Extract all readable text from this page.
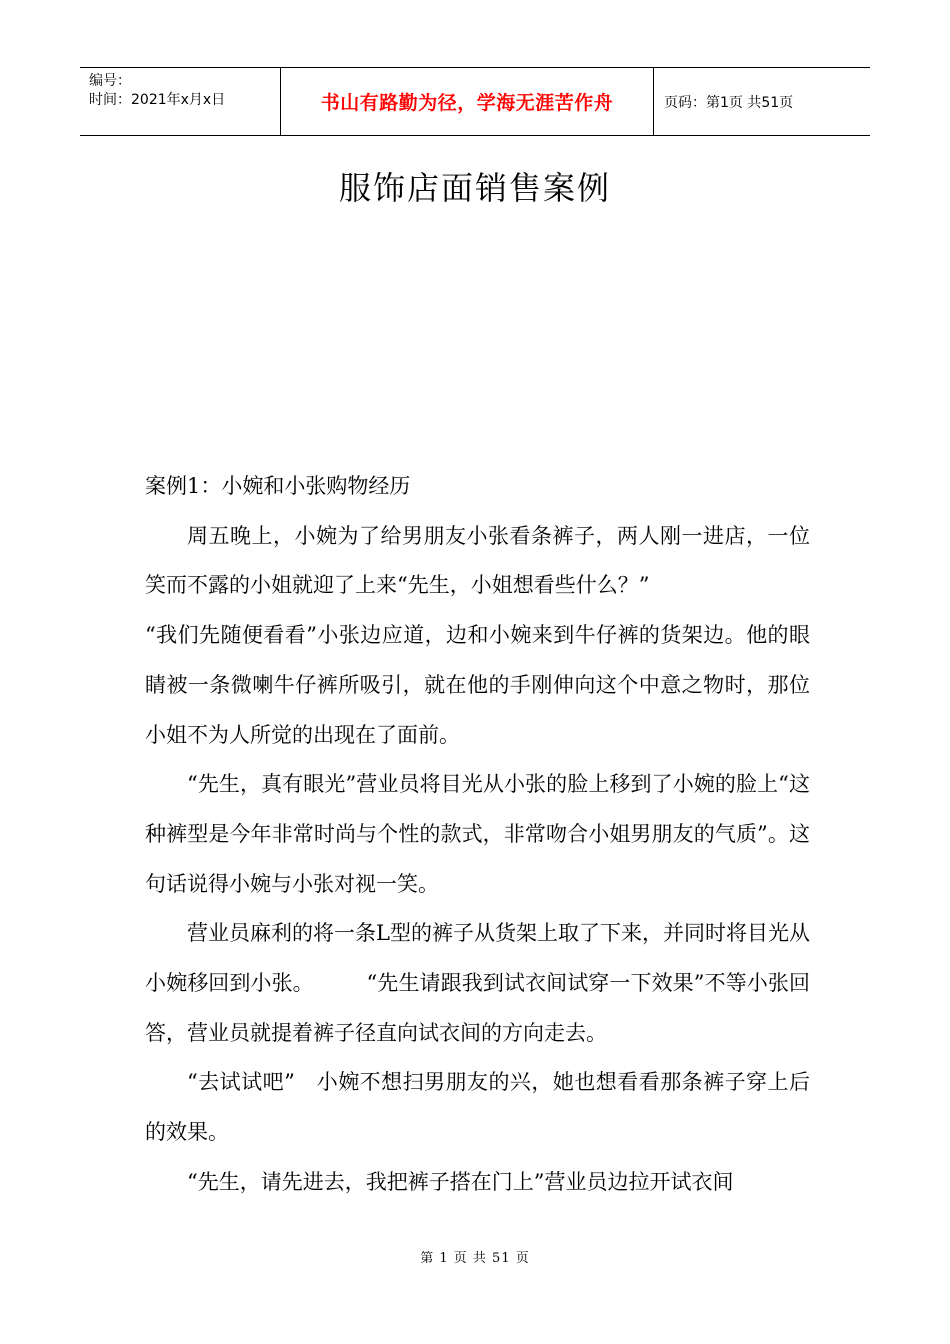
编号：
时间：2021年x月x日	书山有路勤为径，学海无涯苦作舟	页码：第1页 共51页
服饰店面销售案例

案例1：小婉和小张购物经历

周五晚上，小婉为了给男朋友小张看条裤子，两人刚一进店，一位笑而不露的小姐就迎了上来“先生，小姐想看些什么？”

“我们先随便看看”小张边应道，边和小婉来到牛仔裤的货架边。他的眼睛被一条微喇牛仔裤所吸引，就在他的手刚伸向这个中意之物时，那位小姐不为人所觉的出现在了面前。

“先生，真有眼光”营业员将目光从小张的脸上移到了小婉的脸上“这种裤型是今年非常时尚与个性的款式，非常吻合小姐男朋友的气质”。这句话说得小婉与小张对视一笑。

营业员麻利的将一条L型的裤子从货架上取了下来，并同时将目光从小婉移回到小张。　　　“先生请跟我到试衣间试穿一下效果”不等小张回答，营业员就提着裤子径直向试衣间的方向走去。

“去试试吧”　小婉不想扫男朋友的兴，她也想看看那条裤子穿上后的效果。

“先生，请先进去，我把裤子搭在门上”营业员边拉开试衣间

第 1 页 共 51 页
